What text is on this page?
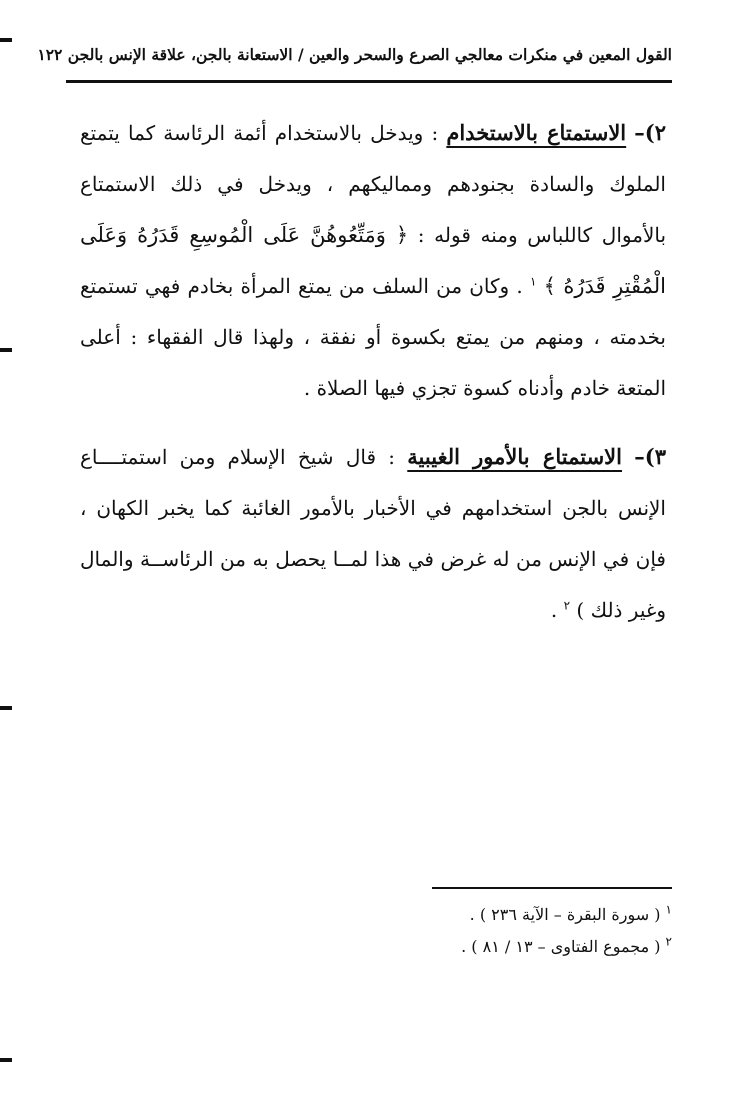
القول المعين في منكرات معالجي الصرع والسحر والعين / الاستعانة بالجن، علاقة الإنس بالجن ١٢٢
٢)– الاستمتاع بالاستخدام : ويدخل بالاستخدام أئمة الرئاسة كما يتمتع الملوك والسادة بجنودهم ومماليكهم ، ويدخل في ذلك الاستمتاع بالأموال كاللباس ومنه قوله : ﴿ وَمَتِّعُوهُنَّ عَلَى الْمُوسِعِ قَدَرُهُ وَعَلَى الْمُقْتِرِ قَدَرُهُ ﴾ $^١$ . وكان من السلف من يمتع المرأة بخادم فهي تستمتع بخدمته ، ومنهم من يمتع بكسوة أو نفقة ، ولهذا قال الفقهاء : أعلى المتعة خادم وأدناه كسوة تجزي فيها الصلاة .
٣)– الاستمتاع بالأمور الغيبية : قال شيخ الإسلام ومن استمتــــاع الإنس بالجن استخدامهم في الأخبار بالأمور الغائبة كما يخبر الكهان ، فإن في الإنس من له غرض في هذا لمــا يحصل به من الرئاســة والمال وغير ذلك ) $^٢$ .
$^١$ ( سورة البقرة – الآية ٢٣٦ ) .
$^٢$ ( مجموع الفتاوى – ١٣ / ٨١ ) .
